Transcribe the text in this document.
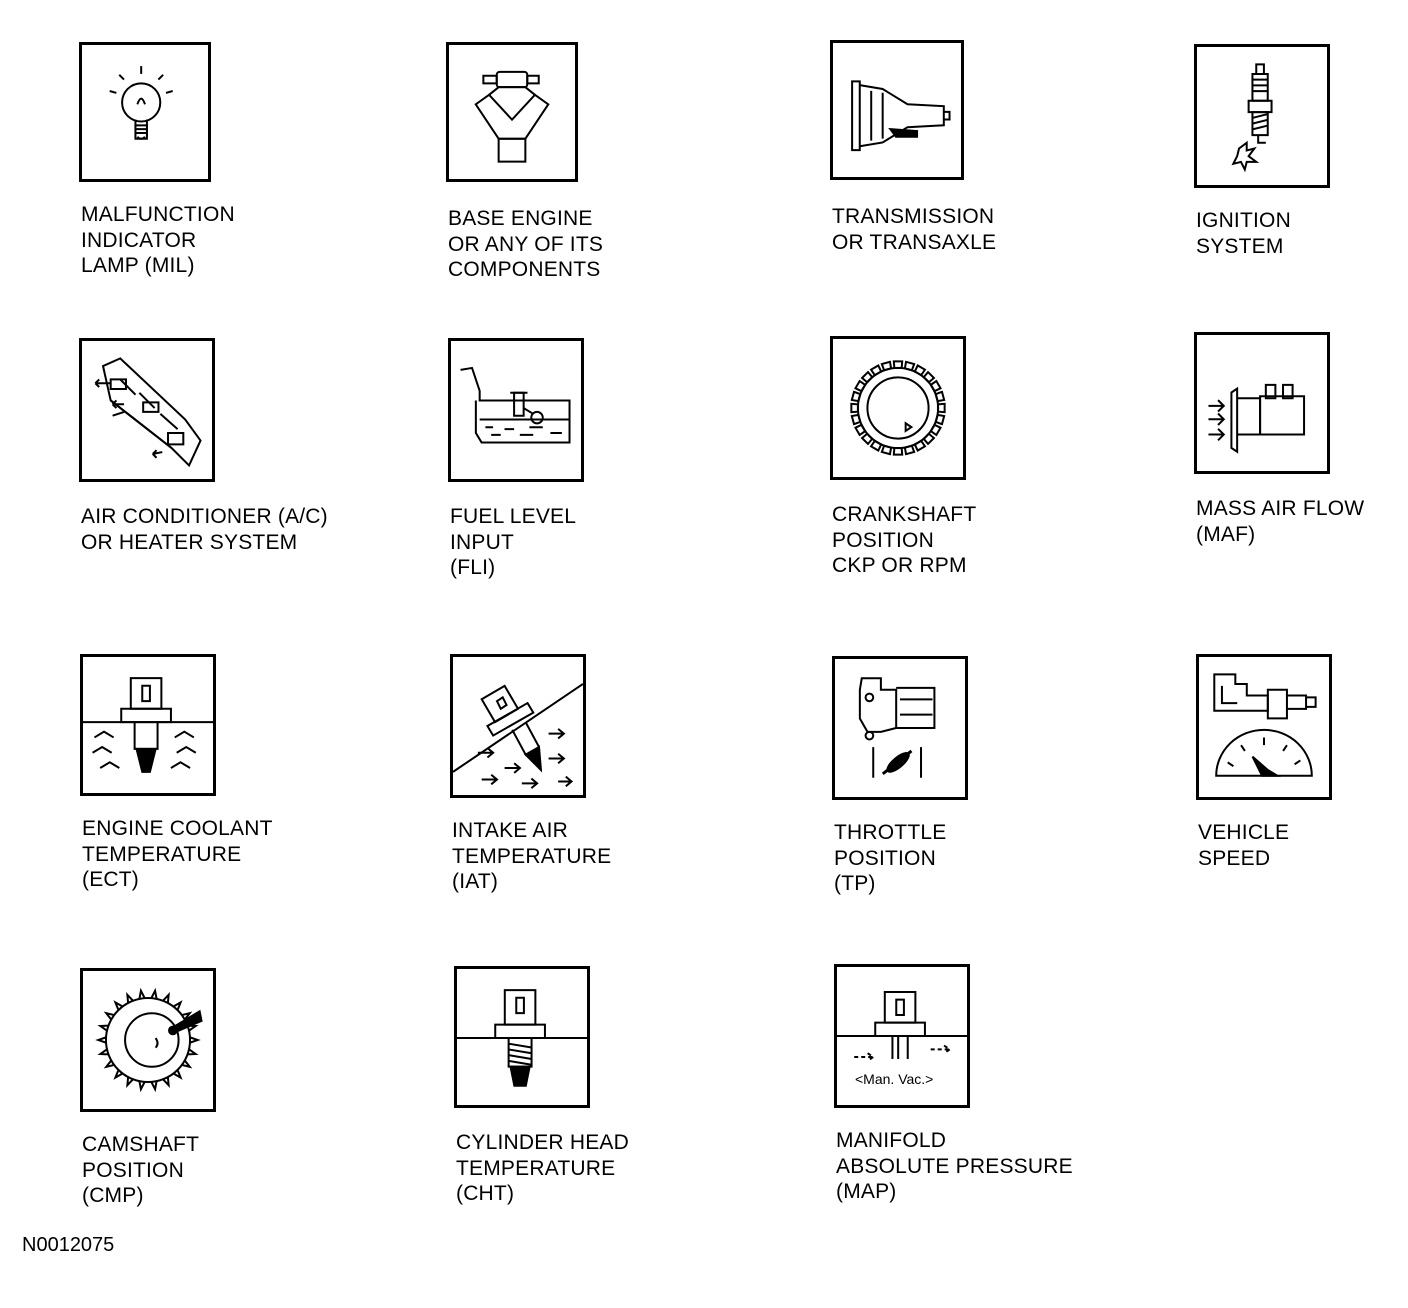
MALFUNCTION
INDICATOR
LAMP (MIL)
BASE ENGINE
OR ANY OF ITS
COMPONENTS
TRANSMISSION
OR TRANSAXLE
IGNITION
SYSTEM
AIR CONDITIONER (A/C)
OR HEATER SYSTEM
FUEL LEVEL
INPUT
(FLI)
CRANKSHAFT
POSITION
CKP OR RPM
MASS AIR FLOW
(MAF)
ENGINE COOLANT
TEMPERATURE
(ECT)
INTAKE AIR
TEMPERATURE
(IAT)
THROTTLE
POSITION
(TP)
VEHICLE
SPEED
CAMSHAFT
POSITION
(CMP)
CYLINDER HEAD
TEMPERATURE
(CHT)
<Man. Vac.>
MANIFOLD
ABSOLUTE PRESSURE
(MAP)
N0012075
